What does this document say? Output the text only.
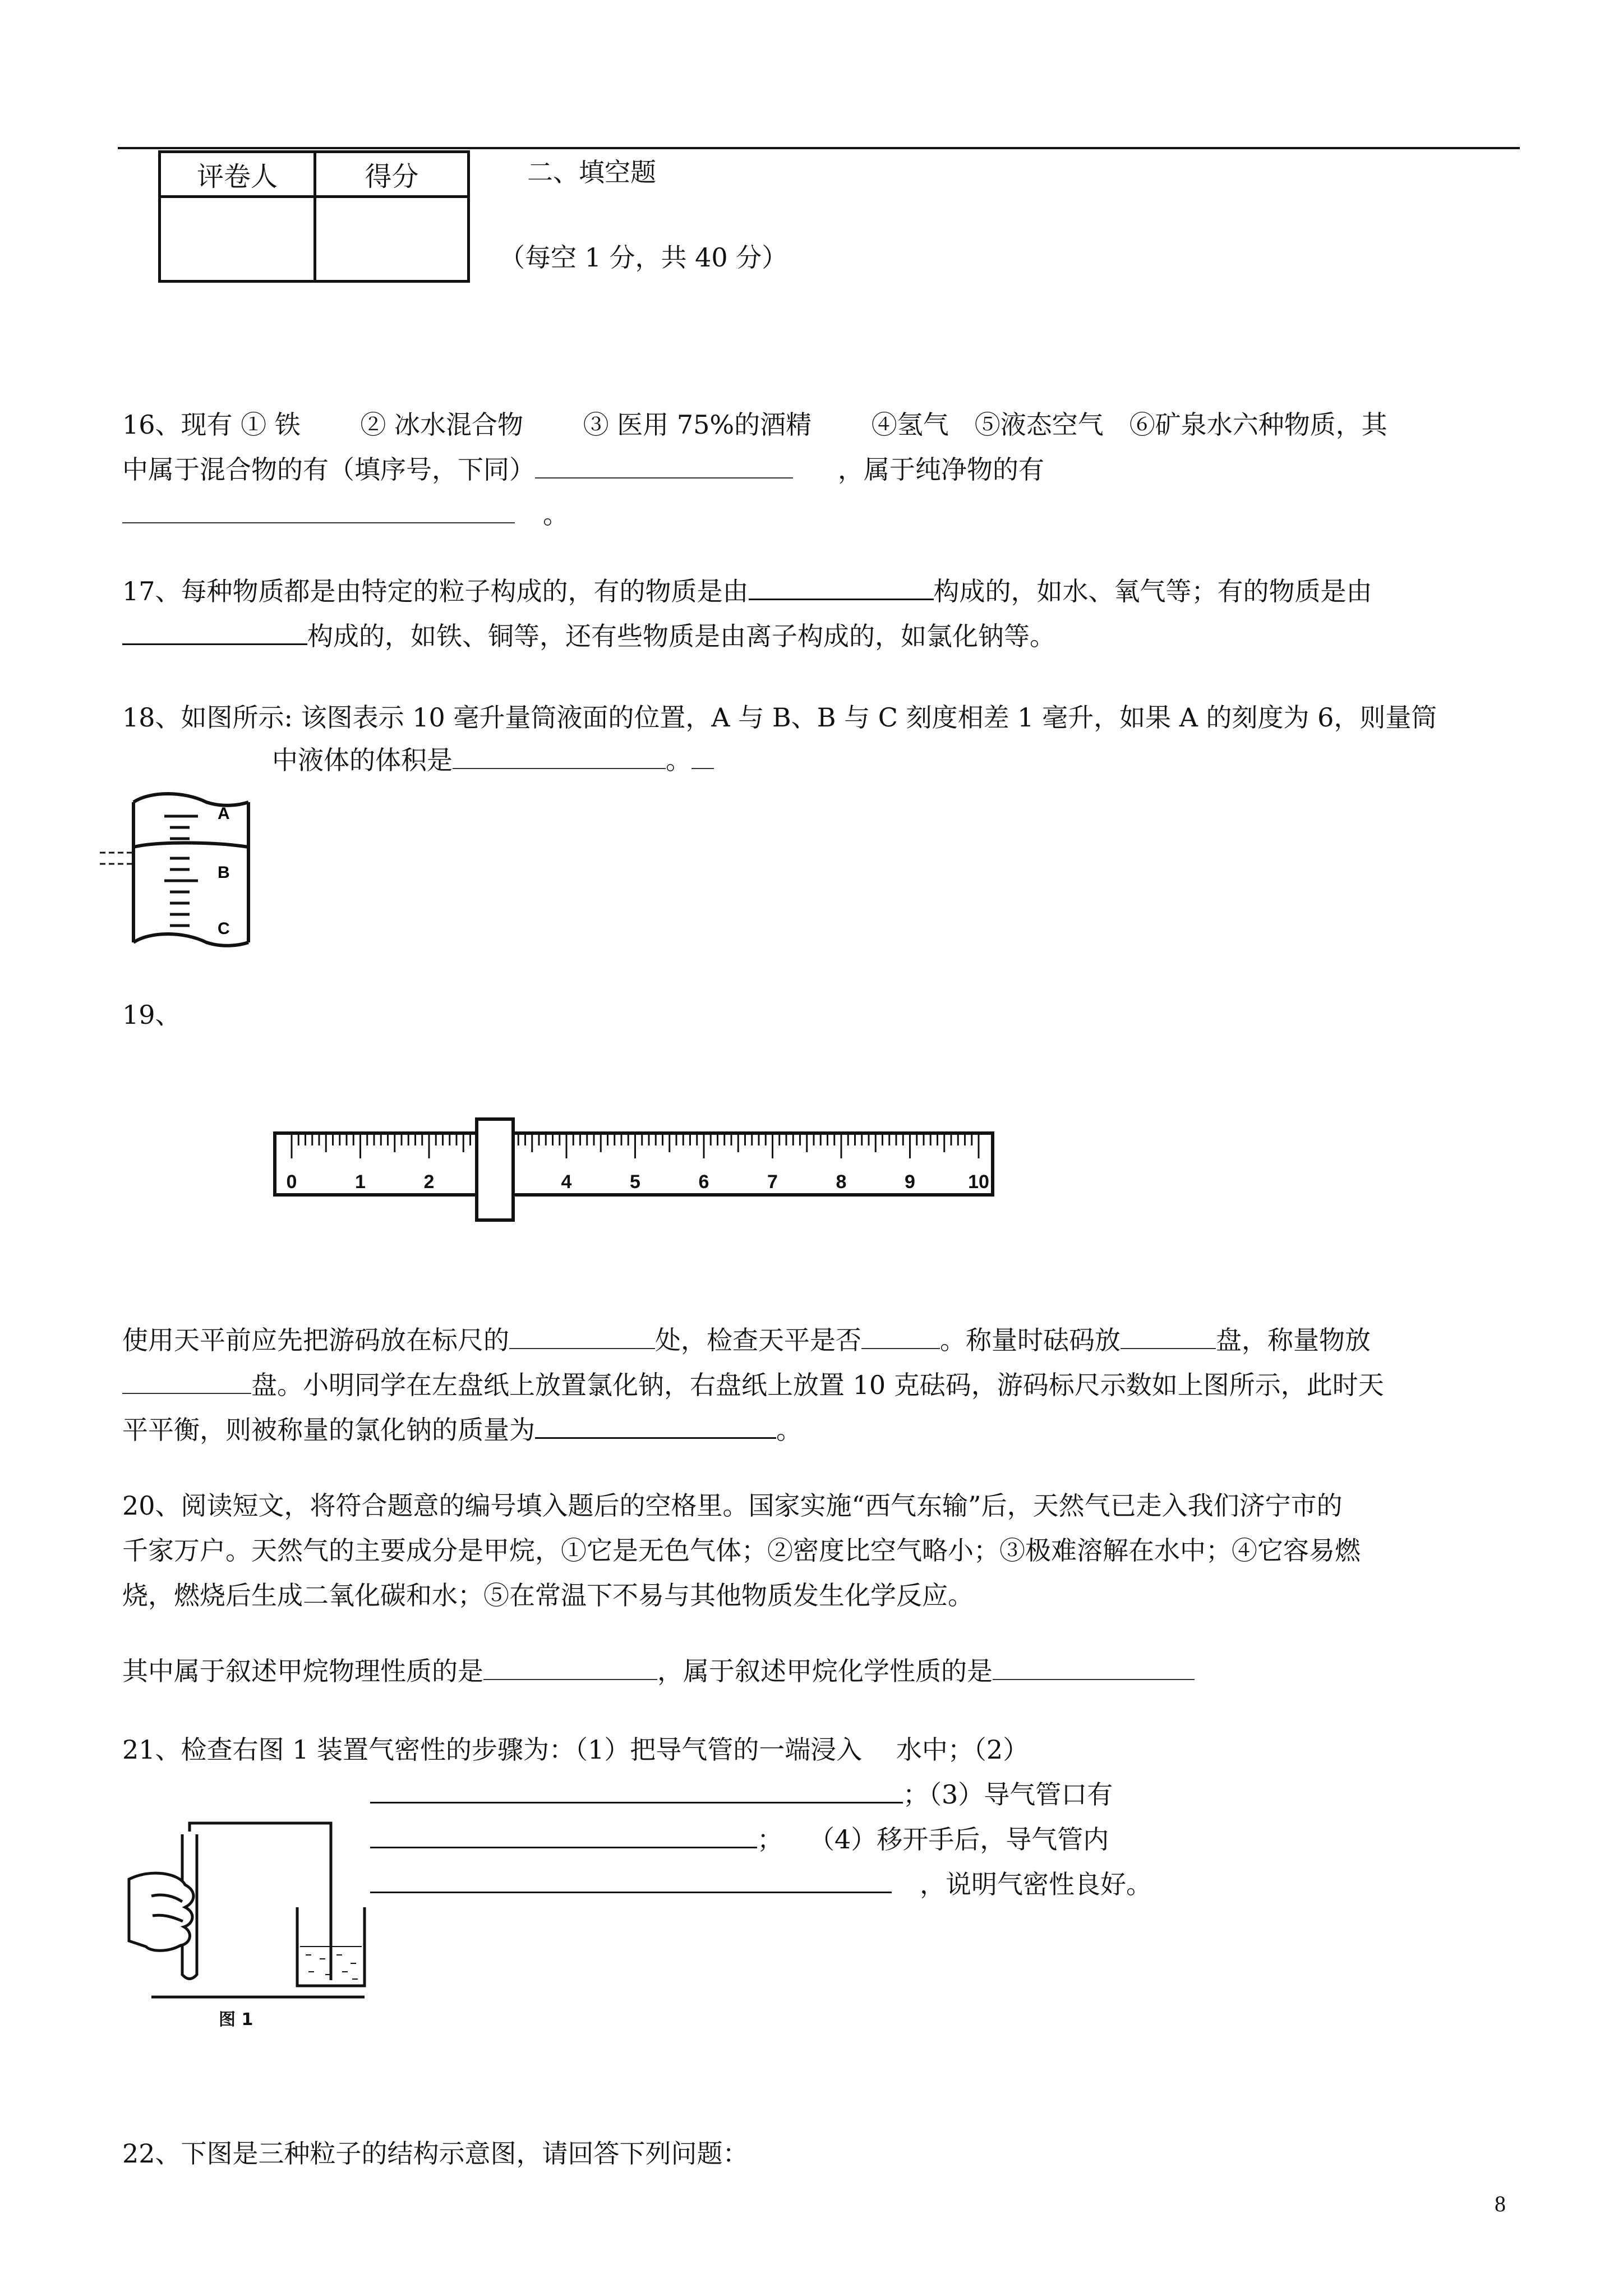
评卷人	得分
		二、填空题
（每空 1 分，共 40 分）
16、现有 ① 铁　　 ② 冰水混合物　　 ③ 医用 75%的酒精　　 ④氢气　⑤液态空气　⑥矿泉水六种物质，其
中属于混合物的有（填序号，下同）	，属于纯净物的有
。
17、每种物质都是由特定的粒子构成的，有的物质是由	构成的，如水、氧气等；有的物质是由
构成的，如铁、铜等，还有些物质是由离子构成的，如氯化钠等。
18、如图所示: 该图表示 10 毫升量筒液面的位置，A 与 B、B 与 C 刻度相差 1 毫升，如果 A 的刻度为 6，则量筒
中液体的体积是	。
A
B
C
19、
0	1	2	4	5	6	7	8	9	10
使用天平前应先把游码放在标尺的	处，检查天平是否	。称量时砝码放	盘，称量物放
盘。小明同学在左盘纸上放置氯化钠，右盘纸上放置 10 克砝码，游码标尺示数如上图所示，此时天
平平衡，则被称量的氯化钠的质量为	。
20、阅读短文，将符合题意的编号填入题后的空格里。国家实施“西气东输”后，天然气已走入我们济宁市的
千家万户。天然气的主要成分是甲烷，①它是无色气体；②密度比空气略小；③极难溶解在水中；④它容易燃
烧，燃烧后生成二氧化碳和水；⑤在常温下不易与其他物质发生化学反应。
其中属于叙述甲烷物理性质的是	，属于叙述甲烷化学性质的是
21、检查右图 1 装置气密性的步骤为：（1）把导气管的一端浸入　 水中；（2）
；（3）导气管口有
；　　（4）移开手后，导气管内
，说明气密性良好。
图 1
22、下图是三种粒子的结构示意图，请回答下列问题：
8
